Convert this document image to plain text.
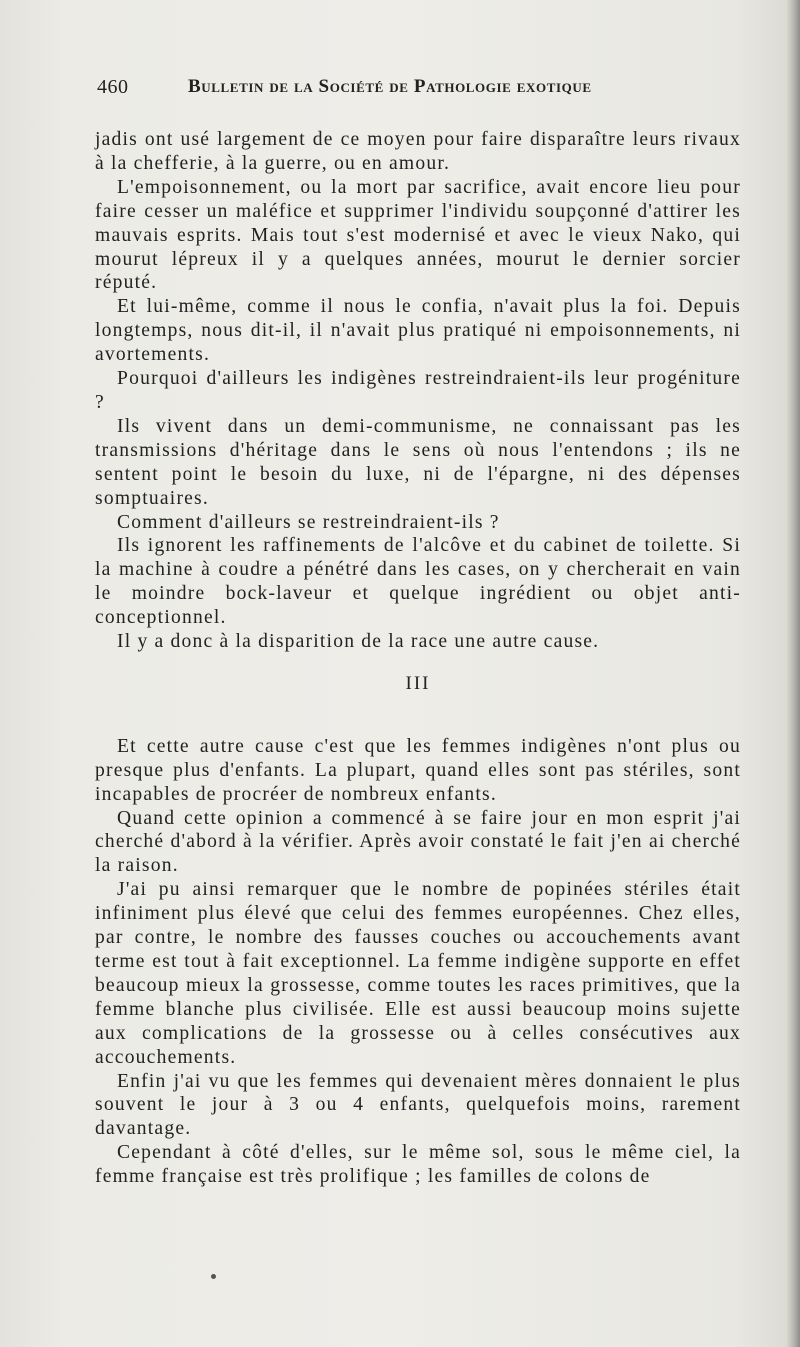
460	Bulletin de la Société de Pathologie exotique

jadis ont usé largement de ce moyen pour faire disparaître leurs rivaux à la chefferie, à la guerre, ou en amour.

L'empoisonnement, ou la mort par sacrifice, avait encore lieu pour faire cesser un maléfice et supprimer l'individu soupçonné d'attirer les mauvais esprits. Mais tout s'est modernisé et avec le vieux Nako, qui mourut lépreux il y a quelques années, mourut le dernier sorcier réputé.

Et lui-même, comme il nous le confia, n'avait plus la foi. Depuis longtemps, nous dit-il, il n'avait plus pratiqué ni empoisonnements, ni avortements.

Pourquoi d'ailleurs les indigènes restreindraient-ils leur progéniture ?

Ils vivent dans un demi-communisme, ne connaissant pas les transmissions d'héritage dans le sens où nous l'entendons ; ils ne sentent point le besoin du luxe, ni de l'épargne, ni des dépenses somptuaires.

Comment d'ailleurs se restreindraient-ils ?

Ils ignorent les raffinements de l'alcôve et du cabinet de toilette. Si la machine à coudre a pénétré dans les cases, on y chercherait en vain le moindre bock-laveur et quelque ingrédient ou objet anti-conceptionnel.

Il y a donc à la disparition de la race une autre cause.

III

Et cette autre cause c'est que les femmes indigènes n'ont plus ou presque plus d'enfants. La plupart, quand elles sont pas stériles, sont incapables de procréer de nombreux enfants.

Quand cette opinion a commencé à se faire jour en mon esprit j'ai cherché d'abord à la vérifier. Après avoir constaté le fait j'en ai cherché la raison.

J'ai pu ainsi remarquer que le nombre de popinées stériles était infiniment plus élevé que celui des femmes européennes. Chez elles, par contre, le nombre des fausses couches ou accouchements avant terme est tout à fait exceptionnel. La femme indigène supporte en effet beaucoup mieux la grossesse, comme toutes les races primitives, que la femme blanche plus civilisée. Elle est aussi beaucoup moins sujette aux complications de la grossesse ou à celles consécutives aux accouchements.

Enfin j'ai vu que les femmes qui devenaient mères donnaient le plus souvent le jour à 3 ou 4 enfants, quelquefois moins, rarement davantage.

Cependant à côté d'elles, sur le même sol, sous le même ciel, la femme française est très prolifique ; les familles de colons de
